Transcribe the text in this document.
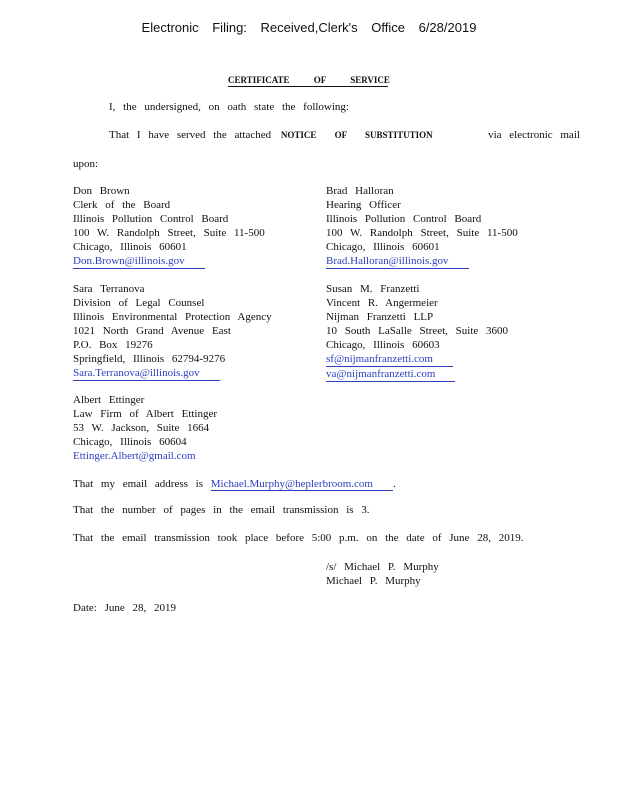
Electronic Filing: Received,Clerk's Office 6/28/2019
CERTIFICATE OF SERVICE
I, the undersigned, on oath state the following:
That I have served the attached NOTICE OF SUBSTITUTION	via electronic mail
upon:
Don Brown
Clerk of the Board
Illinois Pollution Control Board
100 W. Randolph Street, Suite 11-500
Chicago, Illinois 60601
Don.Brown@illinois.gov
Brad Halloran
Hearing Officer
Illinois Pollution Control Board
100 W. Randolph Street, Suite 11-500
Chicago, Illinois 60601
Brad.Halloran@illinois.gov
Sara Terranova
Division of Legal Counsel
Illinois Environmental Protection Agency
1021 North Grand Avenue East
P.O. Box 19276
Springfield, Illinois 62794-9276
Sara.Terranova@illinois.gov
Susan M. Franzetti
Vincent R. Angermeier
Nijman Franzetti LLP
10 South LaSalle Street, Suite 3600
Chicago, Illinois 60603
sf@nijmanfranzetti.com
va@nijmanfranzetti.com
Albert Ettinger
Law Firm of Albert Ettinger
53 W. Jackson, Suite 1664
Chicago, Illinois 60604
Ettinger.Albert@gmail.com
That my email address is Michael.Murphy@heplerbroom.com .
That the number of pages in the email transmission is 3.
That the email transmission took place before 5:00 p.m. on the date of June 28, 2019.
/s/ Michael P. Murphy
Michael P. Murphy
Date: June 28, 2019
